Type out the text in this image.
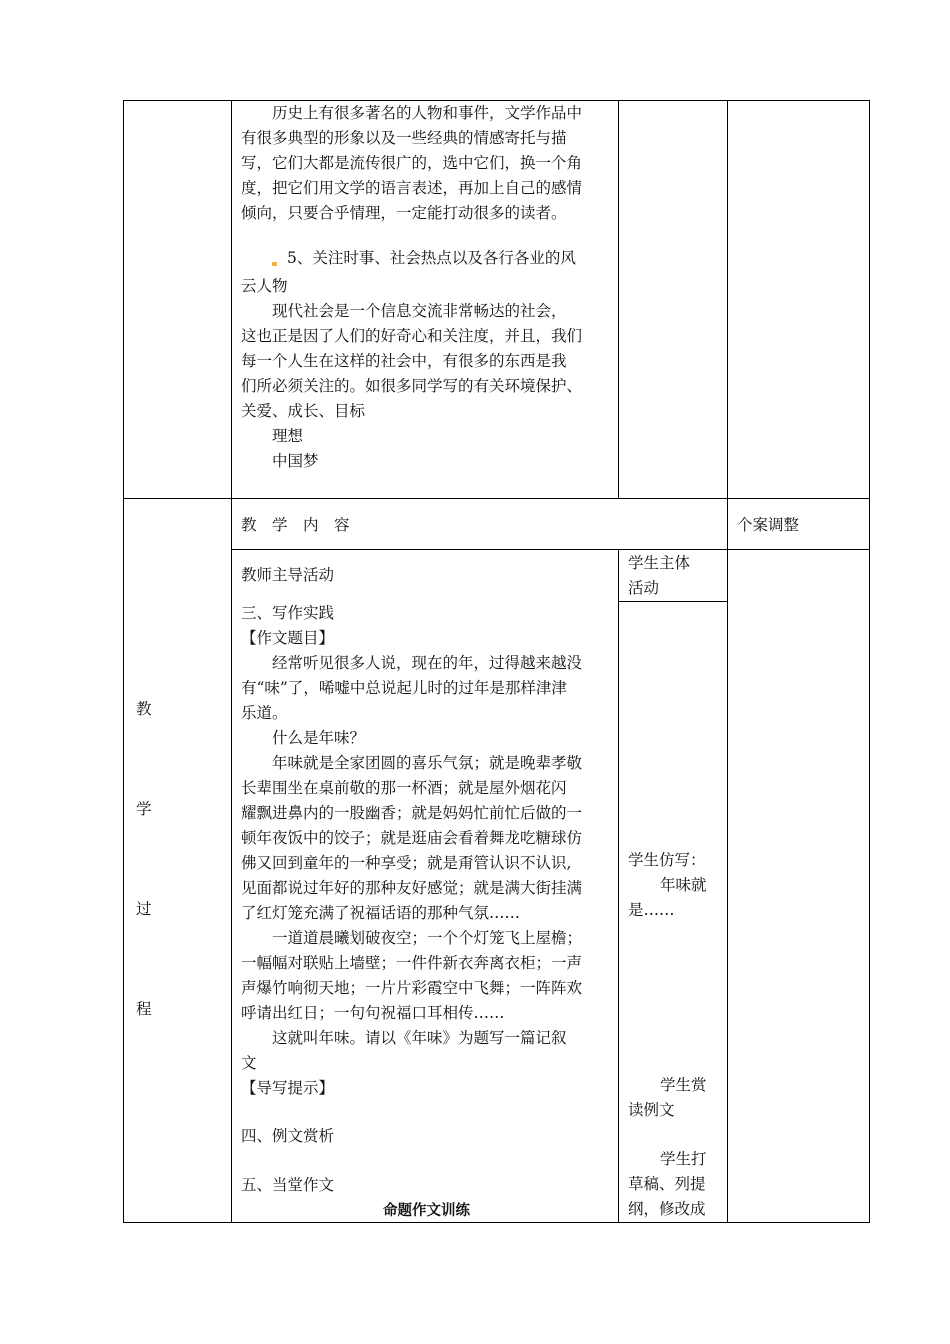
历史上有很多著名的人物和事件，文学作品中

有很多典型的形象以及一些经典的情感寄托与描

写，它们大都是流传很广的，选中它们，换一个角

度，把它们用文学的语言表述，再加上自己的感情

倾向，只要合乎情理，一定能打动很多的读者。

5、关注时事、社会热点以及各行各业的风
云人物

现代社会是一个信息交流非常畅达的社会，

这也正是因了人们的好奇心和关注度，并且，我们

每一个人生在这样的社会中，有很多的东西是我

们所必须关注的。如很多同学写的有关环境保护、

关爱、成长、目标

理想

中国梦

教　学　内　容	个案调整
教师主导活动
学生主体
活动
教
学
过
程

三、写作实践

【作文题目】

经常听见很多人说，现在的年，过得越来越没

有“味”了，唏嘘中总说起儿时的过年是那样津津

乐道。

什么是年味？

年味就是全家团圆的喜乐气氛；就是晚辈孝敬

长辈围坐在桌前敬的那一杯酒；就是屋外烟花闪

耀飘进鼻内的一股幽香；就是妈妈忙前忙后做的一

顿年夜饭中的饺子；就是逛庙会看着舞龙吃糖球仿

佛又回到童年的一种享受；就是甭管认识不认识,

见面都说过年好的那种友好感觉；就是满大街挂满

了红灯笼充满了祝福话语的那种气氛……

一道道晨曦划破夜空；一个个灯笼飞上屋檐；

一幅幅对联贴上墙壁；一件件新衣奔离衣柜；一声

声爆竹响彻天地；一片片彩霞空中飞舞；一阵阵欢

呼请出红日；一句句祝福口耳相传……

这就叫年味。请以《年味》为题写一篇记叙

文

【导写提示】

四、例文赏析
五、当堂作文
命题作文训练
学生仿写：
年味就
是……
学生赏
读例文
学生打
草稿、列提
纲，修改成
